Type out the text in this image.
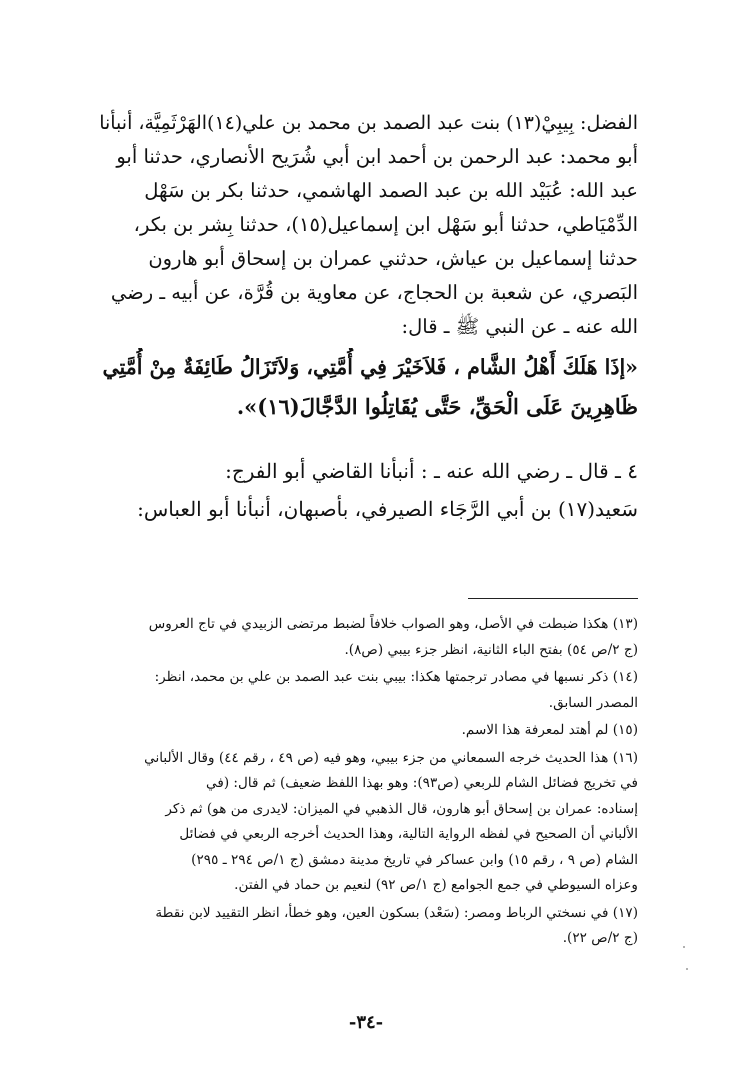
الفضل: بِيبِيْ(١٣) بنت عبد الصمد بن محمد بن علي(١٤)الهَرْثَمِيَّة، أنبأنا
أبو محمد: عبد الرحمن بن أحمد ابن أبي شُرَيح الأنصاري، حدثنا أبو
عبد الله: عُبَيْد الله بن عبد الصمد الهاشمي، حدثنا بكر بن سَهْل
الدِّمْيَاطي، حدثنا أبو سَهْل ابن إسماعيل(١٥)، حدثنا بِشر بن بكر،
حدثنا إسماعيل بن عياش، حدثني عمران بن إسحاق أبو هارون
البَصري، عن شعبة بن الحجاج، عن معاوية بن قُرَّة، عن أبيه ـ رضي
الله عنه ـ عن النبي ﷺ ـ قال:
«إذَا هَلَكَ أَهْلُ الشَّام ، فَلاَخَيْرَ فِي أُمَّتِي، وَلاَتَزَالُ طَائِفَةٌ مِنْ أُمَّتِي
ظَاهِرِينَ عَلَى الْحَقِّ، حَتَّى يُقَاتِلُوا الدَّجَّالَ(١٦)».
٤ ـ قال ـ رضي الله عنه ـ : أنبأنا القاضي أبو الفرج:
سَعيد(١٧) بن أبي الرَّجَاء الصيرفي، بأصبهان، أنبأنا أبو العباس:
(١٣) هكذا ضبطت في الأصل، وهو الصواب خلافاً لضبط مرتضى الزبيدي في تاج العروس
(ج ٢/ص ٥٤) بفتح الباء الثانية، انظر جزء بيبي (ص٨).
(١٤) ذكر نسبها في مصادر ترجمتها هكذا: بيبي بنت عبد الصمد بن علي بن محمد، انظر:
المصدر السابق.
(١٥) لم أهتد لمعرفة هذا الاسم.
(١٦) هذا الحديث خرجه السمعاني من جزء بيبي، وهو فيه (ص ٤٩ ، رقم ٤٤) وقال الألباني
في تخريج فضائل الشام للربعي (ص٩٣): وهو بهذا اللفظ ضعيف) ثم قال: (في
إسناده: عمران بن إسحاق أبو هارون، قال الذهبي في الميزان: لايدرى من هو) ثم ذكر
الألباني أن الصحيح في لفظه الرواية التالية، وهذا الحديث أخرجه الربعي في فضائل
الشام (ص ٩ ، رقم ١٥) وابن عساكر في تاريخ مدينة دمشق (ج ١/ص ٢٩٤ ـ ٢٩٥)
وعزاه السيوطي في جمع الجوامع (ج ١/ص ٩٢) لنعيم بن حماد في الفتن.
(١٧) في نسختي الرباط ومصر: (سَعْد) بسكون العين، وهو خطأ، انظر التقييد لابن نقطة
(ج ٢/ص ٢٢).
-٣٤-
